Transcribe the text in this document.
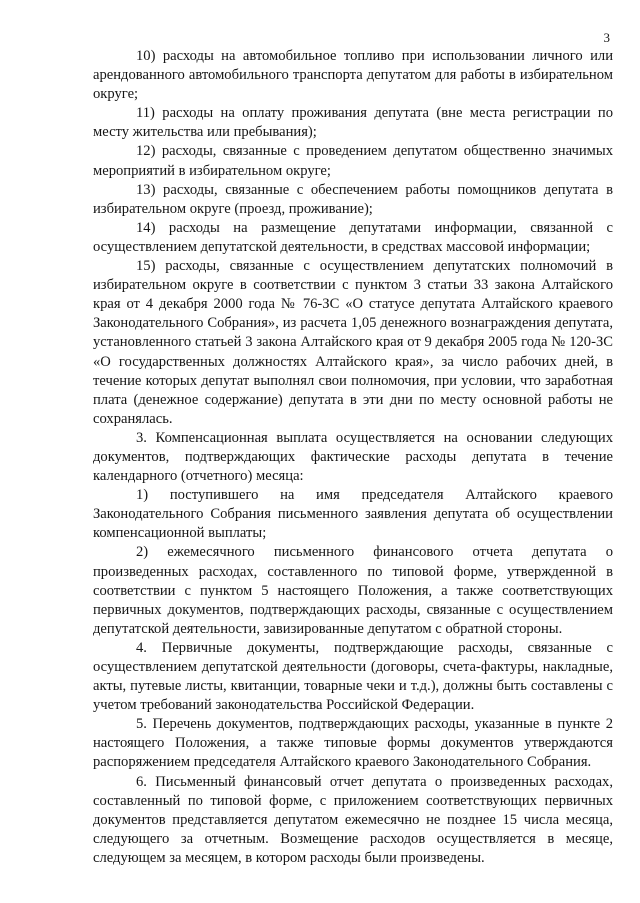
3

10) расходы на автомобильное топливо при использовании личного или арендованного автомобильного транспорта депутатом для работы в избирательном округе;

11) расходы на оплату проживания депутата (вне места регистрации по месту жительства или пребывания);

12) расходы, связанные с проведением депутатом общественно значимых мероприятий в избирательном округе;

13) расходы, связанные с обеспечением работы помощников депутата в избирательном округе (проезд, проживание);

14) расходы на размещение депутатами информации, связанной с осуществлением депутатской деятельности, в средствах массовой информации;

15) расходы, связанные с осуществлением депутатских полномочий в избирательном округе в соответствии с пунктом 3 статьи 33 закона Алтайского края от 4 декабря 2000 года № 76-ЗС «О статусе депутата Алтайского краевого Законодательного Собрания», из расчета 1,05 денежного вознаграждения депутата, установленного статьей 3 закона Алтайского края от 9 декабря 2005 года № 120-ЗС «О государственных должностях Алтайского края», за число рабочих дней, в течение которых депутат выполнял свои полномочия, при условии, что заработная плата (денежное содержание) депутата в эти дни по месту основной работы не сохранялась.

3. Компенсационная выплата осуществляется на основании следующих документов, подтверждающих фактические расходы депутата в течение календарного (отчетного) месяца:

1) поступившего на имя председателя Алтайского краевого Законодательного Собрания письменного заявления депутата об осуществлении компенсационной выплаты;

2) ежемесячного письменного финансового отчета депутата о произведенных расходах, составленного по типовой форме, утвержденной в соответствии с пунктом 5 настоящего Положения, а также соответствующих первичных документов, подтверждающих расходы, связанные с осуществлением депутатской деятельности, завизированные депутатом с обратной стороны.

4. Первичные документы, подтверждающие расходы, связанные с осуществлением депутатской деятельности (договоры, счета-фактуры, накладные, акты, путевые листы, квитанции, товарные чеки и т.д.), должны быть составлены с учетом требований законодательства Российской Федерации.

5. Перечень документов, подтверждающих расходы, указанные в пункте 2 настоящего Положения, а также типовые формы документов утверждаются распоряжением председателя Алтайского краевого Законодательного Собрания.

6. Письменный финансовый отчет депутата о произведенных расходах, составленный по типовой форме, с приложением соответствующих первичных документов представляется депутатом ежемесячно не позднее 15 числа месяца, следующего за отчетным. Возмещение расходов осуществляется в месяце, следующем за месяцем, в котором расходы были произведены.
